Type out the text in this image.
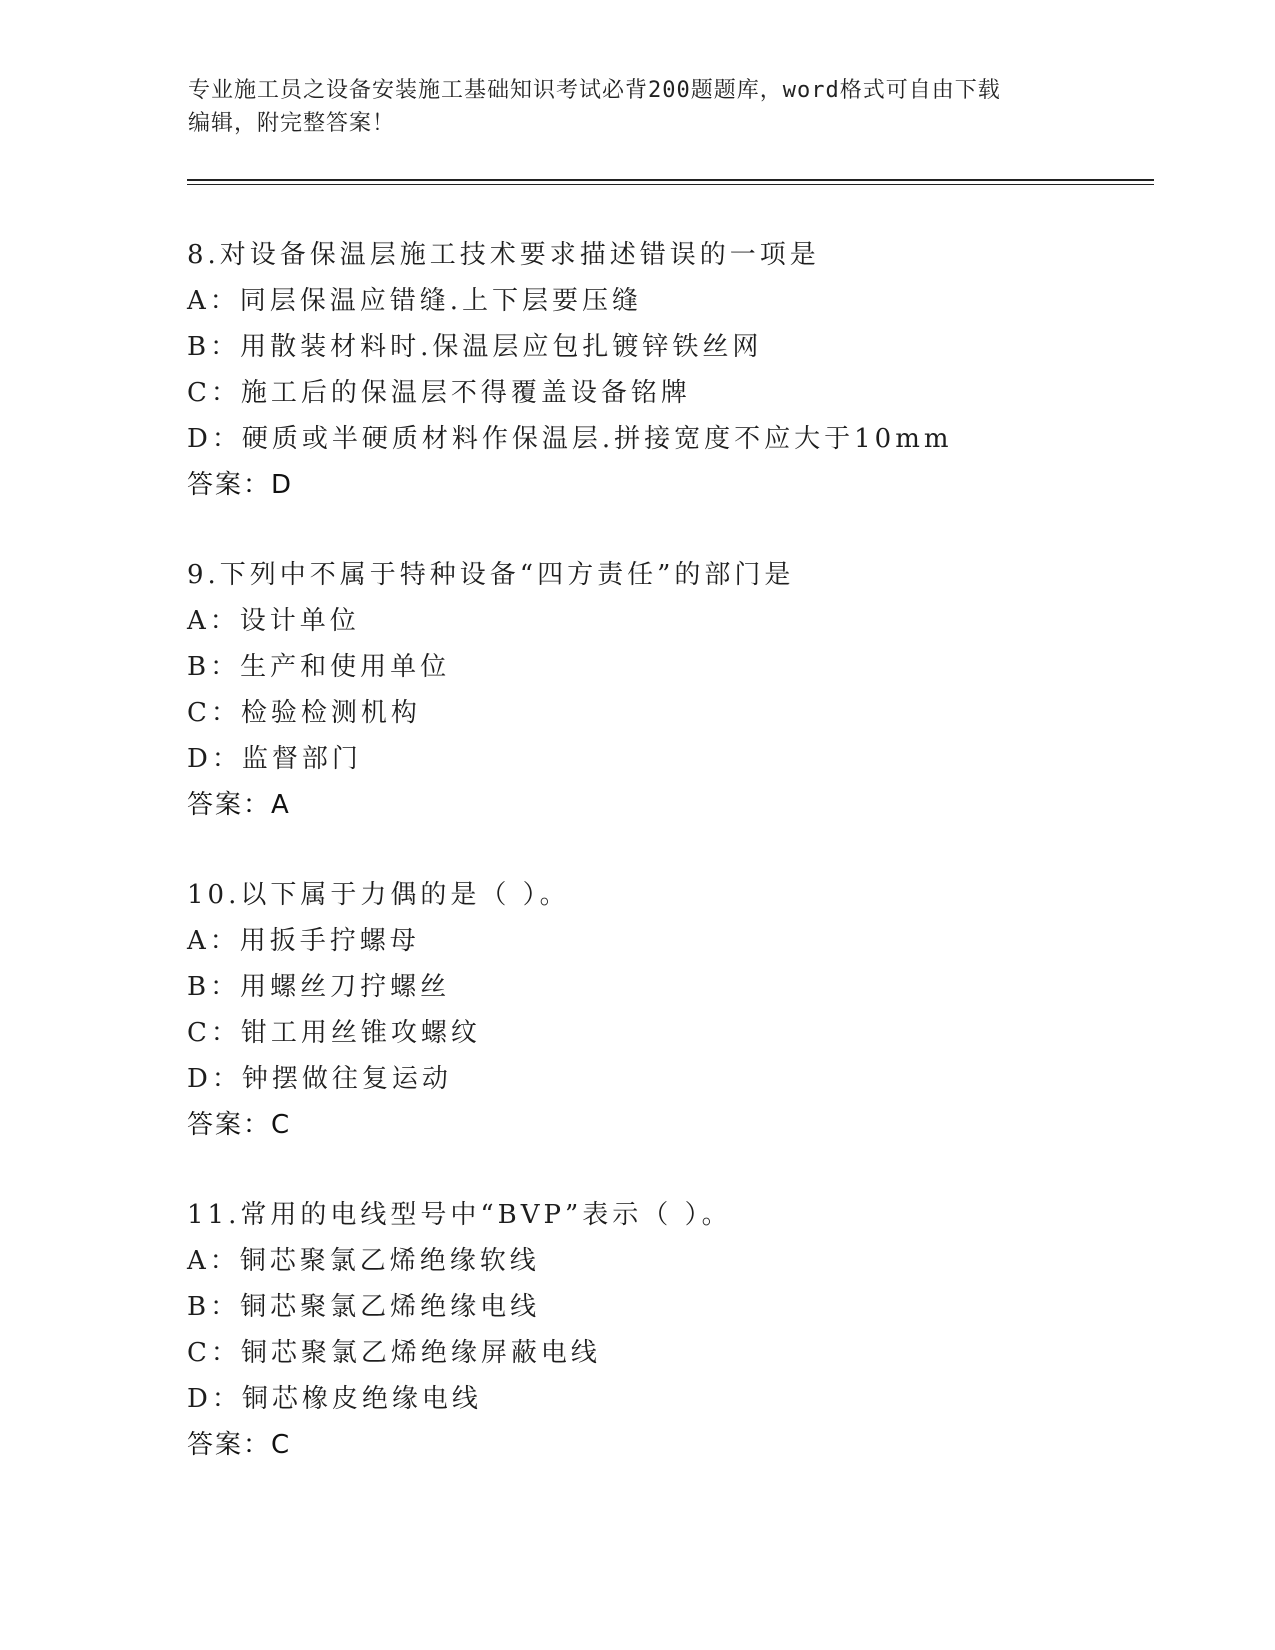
专业施工员之设备安装施工基础知识考试必背200题题库，word格式可自由下载
编辑，附完整答案！
8.对设备保温层施工技术要求描述错误的一项是
A：同层保温应错缝.上下层要压缝
B：用散装材料时.保温层应包扎镀锌铁丝网
C：施工后的保温层不得覆盖设备铭牌
D：硬质或半硬质材料作保温层.拼接宽度不应大于10mm
答案：D
9.下列中不属于特种设备“四方责任”的部门是
A：设计单位
B：生产和使用单位
C：检验检测机构
D：监督部门
答案：A
10.以下属于力偶的是（ ）。
A：用扳手拧螺母
B：用螺丝刀拧螺丝
C：钳工用丝锥攻螺纹
D：钟摆做往复运动
答案：C
11.常用的电线型号中“BVP”表示（ ）。
A：铜芯聚氯乙烯绝缘软线
B：铜芯聚氯乙烯绝缘电线
C：铜芯聚氯乙烯绝缘屏蔽电线
D：铜芯橡皮绝缘电线
答案：C
